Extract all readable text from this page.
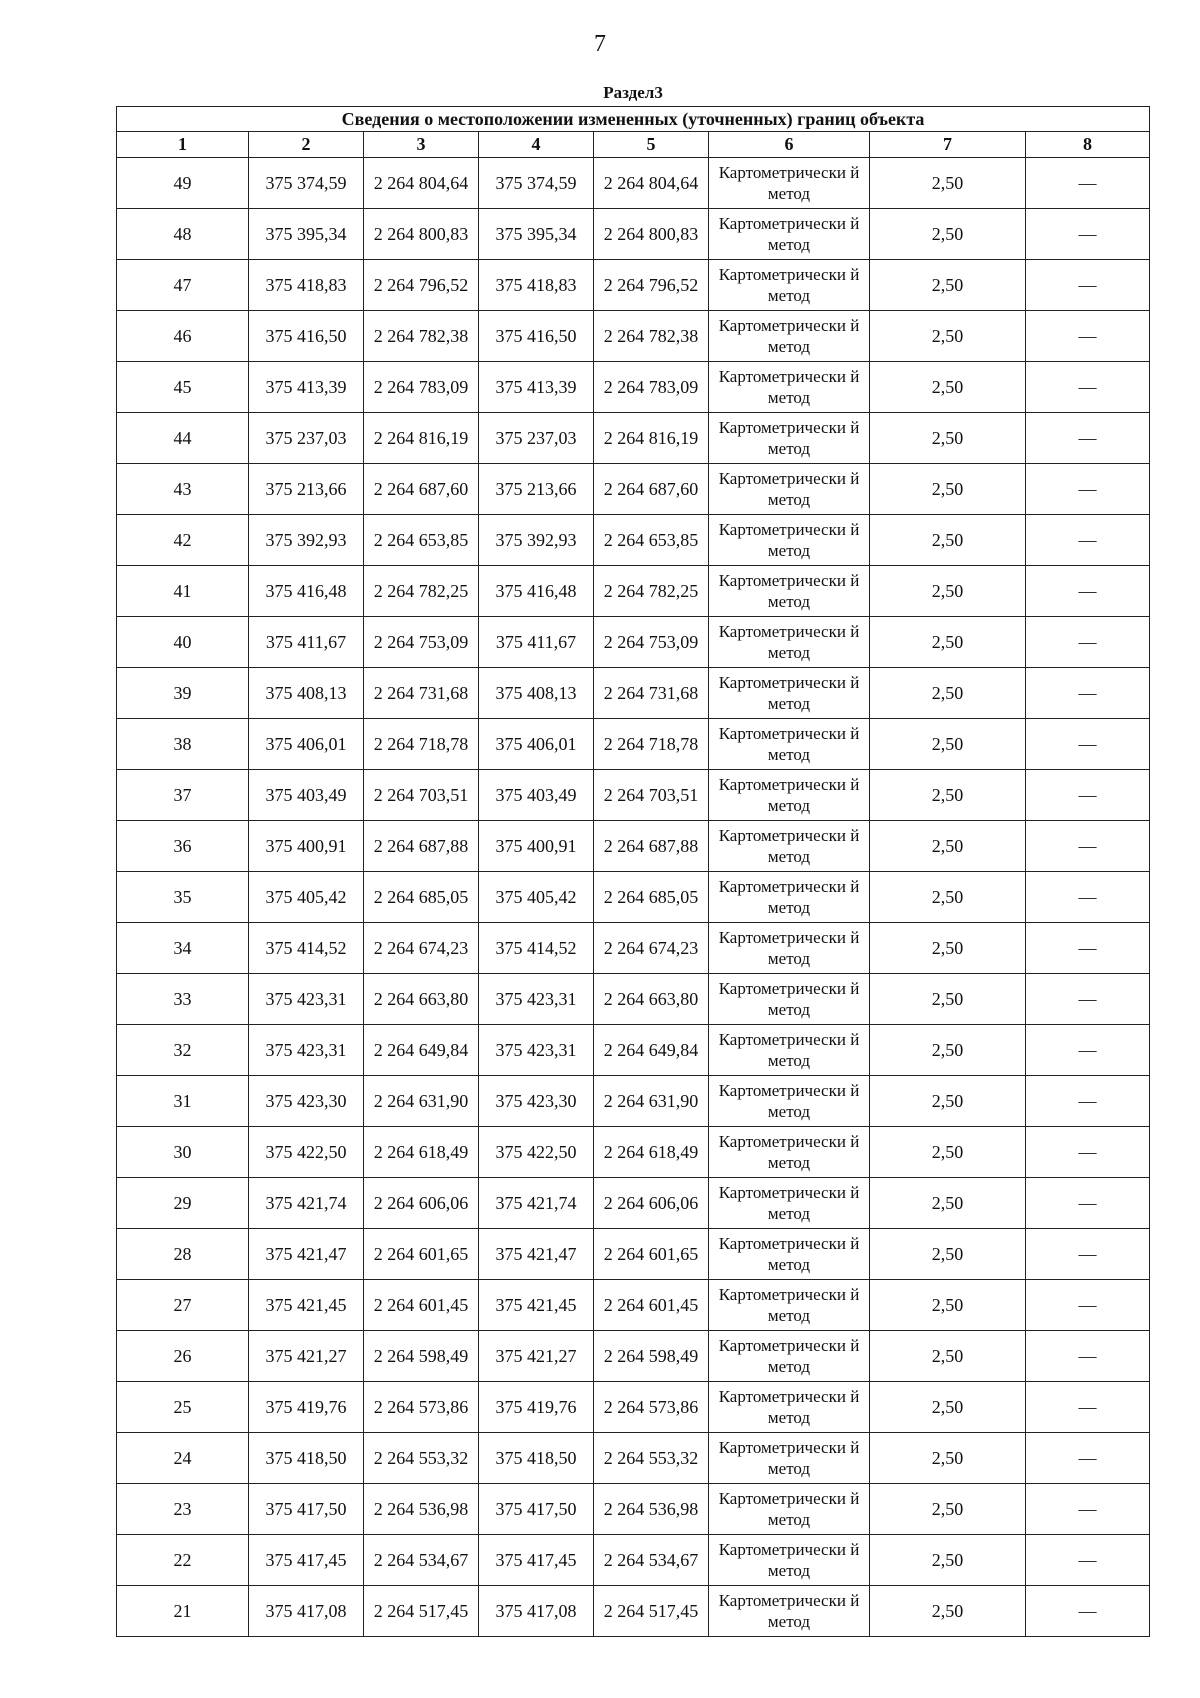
7
Раздел3							
Сведения о местоположении измененных (уточненных) границ объекта							
1	2	3	4	5	6	7	8
49	375 374,59	2 264 804,64	375 374,59	2 264 804,64	Картометрически й метод	2,50	—
48	375 395,34	2 264 800,83	375 395,34	2 264 800,83	Картометрически й метод	2,50	—
47	375 418,83	2 264 796,52	375 418,83	2 264 796,52	Картометрически й метод	2,50	—
46	375 416,50	2 264 782,38	375 416,50	2 264 782,38	Картометрически й метод	2,50	—
45	375 413,39	2 264 783,09	375 413,39	2 264 783,09	Картометрически й метод	2,50	—
44	375 237,03	2 264 816,19	375 237,03	2 264 816,19	Картометрически й метод	2,50	—
43	375 213,66	2 264 687,60	375 213,66	2 264 687,60	Картометрически й метод	2,50	—
42	375 392,93	2 264 653,85	375 392,93	2 264 653,85	Картометрически й метод	2,50	—
41	375 416,48	2 264 782,25	375 416,48	2 264 782,25	Картометрически й метод	2,50	—
40	375 411,67	2 264 753,09	375 411,67	2 264 753,09	Картометрически й метод	2,50	—
39	375 408,13	2 264 731,68	375 408,13	2 264 731,68	Картометрически й метод	2,50	—
38	375 406,01	2 264 718,78	375 406,01	2 264 718,78	Картометрически й метод	2,50	—
37	375 403,49	2 264 703,51	375 403,49	2 264 703,51	Картометрически й метод	2,50	—
36	375 400,91	2 264 687,88	375 400,91	2 264 687,88	Картометрически й метод	2,50	—
35	375 405,42	2 264 685,05	375 405,42	2 264 685,05	Картометрически й метод	2,50	—
34	375 414,52	2 264 674,23	375 414,52	2 264 674,23	Картометрически й метод	2,50	—
33	375 423,31	2 264 663,80	375 423,31	2 264 663,80	Картометрически й метод	2,50	—
32	375 423,31	2 264 649,84	375 423,31	2 264 649,84	Картометрически й метод	2,50	—
31	375 423,30	2 264 631,90	375 423,30	2 264 631,90	Картометрически й метод	2,50	—
30	375 422,50	2 264 618,49	375 422,50	2 264 618,49	Картометрически й метод	2,50	—
29	375 421,74	2 264 606,06	375 421,74	2 264 606,06	Картометрически й метод	2,50	—
28	375 421,47	2 264 601,65	375 421,47	2 264 601,65	Картометрически й метод	2,50	—
27	375 421,45	2 264 601,45	375 421,45	2 264 601,45	Картометрически й метод	2,50	—
26	375 421,27	2 264 598,49	375 421,27	2 264 598,49	Картометрически й метод	2,50	—
25	375 419,76	2 264 573,86	375 419,76	2 264 573,86	Картометрически й метод	2,50	—
24	375 418,50	2 264 553,32	375 418,50	2 264 553,32	Картометрически й метод	2,50	—
23	375 417,50	2 264 536,98	375 417,50	2 264 536,98	Картометрически й метод	2,50	—
22	375 417,45	2 264 534,67	375 417,45	2 264 534,67	Картометрически й метод	2,50	—
21	375 417,08	2 264 517,45	375 417,08	2 264 517,45	Картометрически й метод	2,50	—
